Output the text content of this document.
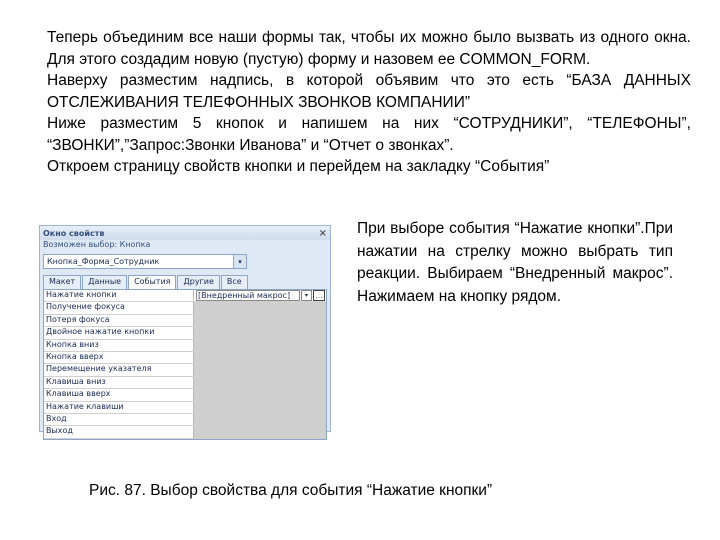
Теперь объединим все наши формы так, чтобы их можно было вызвать из одного окна. Для этого создадим новую (пустую) форму и назовем ее COMMON_FORM.

Наверху разместим надпись, в которой объявим что это есть “БАЗА ДАННЫХ ОТСЛЕЖИВАНИЯ ТЕЛЕФОННЫХ ЗВОНКОВ КОМПАНИИ”

Ниже разместим 5 кнопок и напишем на них “СОТРУДНИКИ”, “ТЕЛЕФОНЫ”, “ЗВОНКИ”,”Запрос:Звонки Иванова” и “Отчет о звонках”.

Откроем страницу свойств кнопки и перейдем на закладку “События”

Окно свойств	×
Возможен выбор: Кнопка
Кнопка_Форма_Сотрудник	▾
Макет	Данные	События	Другие	Все
Нажатие кнопки	[Внедренный макрос]	▾	…
Получение фокуса
Потеря фокуса
Двойное нажатие кнопки
Кнопка вниз
Кнопка вверх
Перемещение указателя
Клавиша вниз
Клавиша вверх
Нажатие клавиши
Вход
Выход
При выборе события “Нажатие кнопки”.При нажатии на стрелку можно выбрать тип реакции. Выбираем “Внедренный макрос”. Нажимаем на кнопку рядом.
Рис. 87. Выбор свойства для события “Нажатие кнопки”
